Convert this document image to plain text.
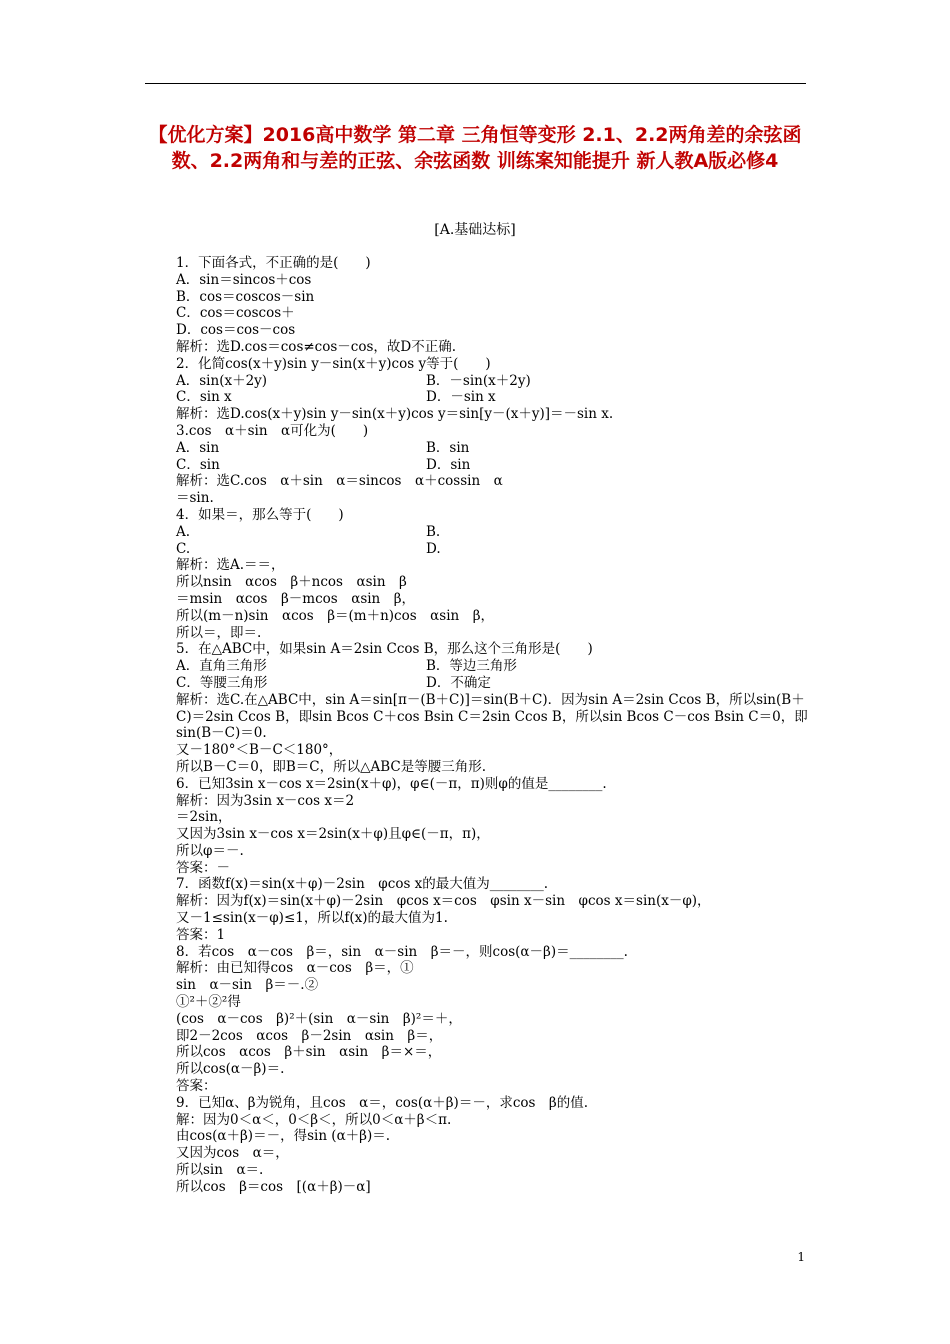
【优化方案】2016高中数学 第二章 三角恒等变形 2.1、2.2两角差的余弦函数、2.2两角和与差的正弦、余弦函数 训练案知能提升 新人教A版必修4
[A.基础达标]
1．下面各式，不正确的是(　　)
A．sin＝sincos＋cos
B．cos＝coscos－sin
C．cos＝coscos＋
D．cos＝cos－cos
解析：选D.cos＝cos≠cos－cos，故D不正确.
2．化简cos(x＋y)sin y－sin(x＋y)cos y等于(　　)
A．sin(x＋2y)	B．－sin(x＋2y)
C．sin x	D．－sin x
解析：选D.cos(x＋y)sin y－sin(x＋y)cos y＝sin[y－(x＋y)]＝－sin x.
3.cos　α＋sin　α可化为(　　)
A．sin	B．sin
C．sin	D．sin
解析：选C.cos　α＋sin　α＝sincos　α＋cossin　α
＝sin.
4．如果＝，那么等于(　　)
A.	B.
C.	D.
解析：选A.＝＝，
所以nsin　αcos　β＋ncos　αsin　β
＝msin　αcos　β－mcos　αsin　β，
所以(m－n)sin　αcos　β＝(m＋n)cos　αsin　β，
所以＝，即＝.
5．在△ABC中，如果sin A＝2sin Ccos B，那么这个三角形是(　　)
A．直角三角形	B．等边三角形
C．等腰三角形	D．不确定
解析：选C.在△ABC中，sin A＝sin[π－(B＋C)]＝sin(B＋C)．因为sin A＝2sin Ccos B，所以sin(B＋C)＝2sin Ccos B，即sin Bcos C＋cos Bsin C＝2sin Ccos B，所以sin Bcos C－cos Bsin C＝0，即sin(B－C)＝0.
又－180°＜B－C＜180°，
所以B－C＝0，即B＝C，所以△ABC是等腰三角形.
6．已知3sin x－cos x＝2sin(x＋φ)，φ∈(－π，π)则φ的值是________.
解析：因为3sin x－cos x＝2
＝2sin，
又因为3sin x－cos x＝2sin(x＋φ)且φ∈(－π，π)，
所以φ＝－.
答案：－
7．函数f(x)＝sin(x＋φ)－2sin　φcos x的最大值为________.
解析：因为f(x)＝sin(x＋φ)－2sin　φcos x＝cos　φsin x－sin　φcos x＝sin(x－φ)，
又－1≤sin(x－φ)≤1，所以f(x)的最大值为1.
答案：1
8．若cos　α－cos　β＝，sin　α－sin　β＝－，则cos(α－β)＝________.
解析：由已知得cos　α－cos　β＝，①
sin　α－sin　β＝－.②
①²＋②²得
(cos　α－cos　β)²＋(sin　α－sin　β)²＝＋，
即2－2cos　αcos　β－2sin　αsin　β＝，
所以cos　αcos　β＋sin　αsin　β＝×＝，
所以cos(α－β)＝.
答案：
9．已知α、β为锐角，且cos　α＝，cos(α＋β)＝－，求cos　β的值.
解：因为0＜α＜，0＜β＜，所以0＜α＋β＜π.
由cos(α＋β)＝－，得sin (α＋β)＝.
又因为cos　α＝，
所以sin　α＝.
所以cos　β＝cos　[(α＋β)－α]
1
